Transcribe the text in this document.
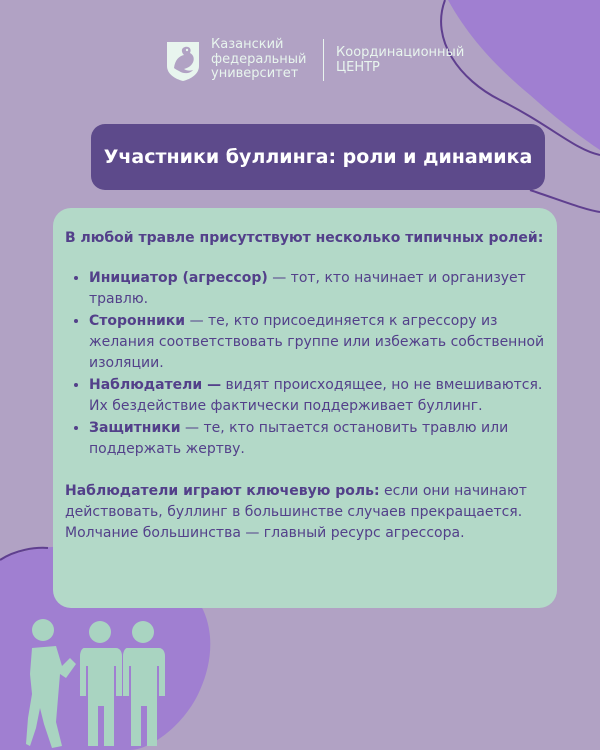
Казанский
федеральный
университет
Координационный
ЦЕНТР
Участники буллинга: роли и динамика

В любой травле присутствуют несколько типичных ролей:

• Инициатор (агрессор) — тот, кто начинает и организует травлю.
• Сторонники — те, кто присоединяется к агрессору из желания соответствовать группе или избежать собственной изоляции.
• Наблюдатели — видят происходящее, но не вмешиваются. Их бездействие фактически поддерживает буллинг.
• Защитники — те, кто пытается остановить травлю или поддержать жертву.

Наблюдатели играют ключевую роль: если они начинают действовать, буллинг в большинстве случаев прекращается. Молчание большинства — главный ресурс агрессора.
